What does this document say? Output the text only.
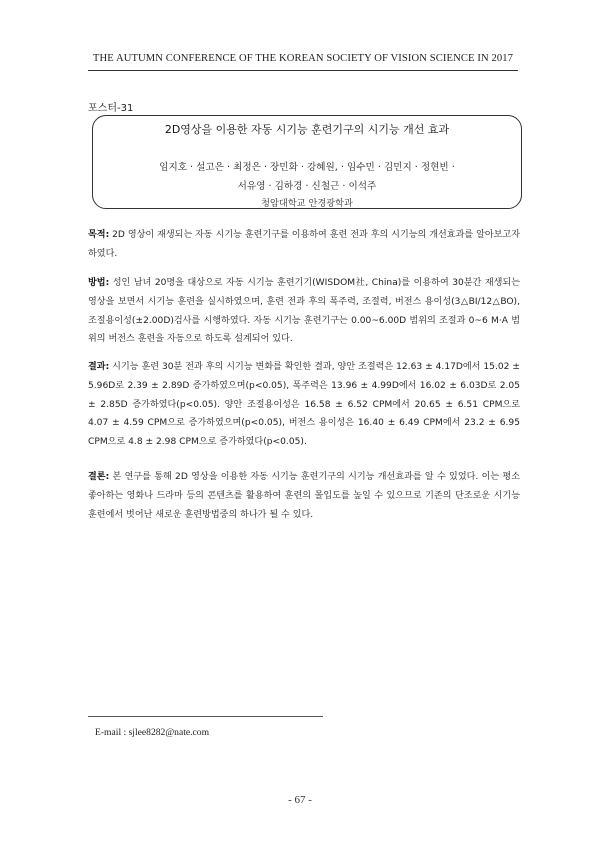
THE AUTUMN CONFERENCE OF THE KOREAN SOCIETY OF VISION SCIENCE IN 2017
포스터-31
2D영상을 이용한 자동 시기능 훈련기구의 시기능 개선 효과
임지호 · 설고은 · 최정은 · 장민화 · 강혜원, · 임수민 · 김민지 · 정현빈 ·
서유영 · 김하경 · 신철근 · 이석주
청암대학교 안경광학과
목적: 2D 영상이 재생되는 자동 시기능 훈련기구를 이용하여 훈련 전과 후의 시기능의 개선효과를 알아보고자 하였다.
방법: 성인 남녀 20명을 대상으로 자동 시기능 훈련기기(WISDOM社, China)를 이용하여 30분간 재생되는 영상을 보면서 시기능 훈련을 실시하였으며, 훈련 전과 후의 폭주력, 조절력, 버전스 용이성(3△BI/12△BO), 조절용이성(±2.00D)검사를 시행하였다. 자동 시기능 훈련기구는 0.00~6.00D 범위의 조절과 0~6 M·A 범위의 버전스 훈련을 자동으로 하도록 설계되어 있다.
결과: 시기능 훈련 30분 전과 후의 시기능 변화를 확인한 결과, 양안 조절력은 12.63 ± 4.17D에서 15.02 ± 5.96D로 2.39 ± 2.89D 증가하였으며(p<0.05), 폭주력은 13.96 ± 4.99D에서 16.02 ± 6.03D로 2.05 ± 2.85D 증가하였다(p<0.05). 양안 조절용이성은 16.58 ± 6.52 CPM에서 20.65 ± 6.51 CPM으로 4.07 ± 4.59 CPM으로 증가하였으며(p<0.05), 버전스 용이성은 16.40 ± 6.49 CPM에서 23.2 ± 6.95 CPM으로 4.8 ± 2.98 CPM으로 증가하였다(p<0.05).
결론: 본 연구를 통해 2D 영상을 이용한 자동 시기능 훈련기구의 시기능 개선효과를 알 수 있었다. 이는 평소 좋아하는 영화나 드라마 등의 콘텐츠를 활용하여 훈련의 몰입도를 높일 수 있으므로 기존의 단조로운 시기능 훈련에서 벗어난 새로운 훈련방법중의 하나가 될 수 있다.
E-mail : sjlee8282@nate.com
- 67 -
